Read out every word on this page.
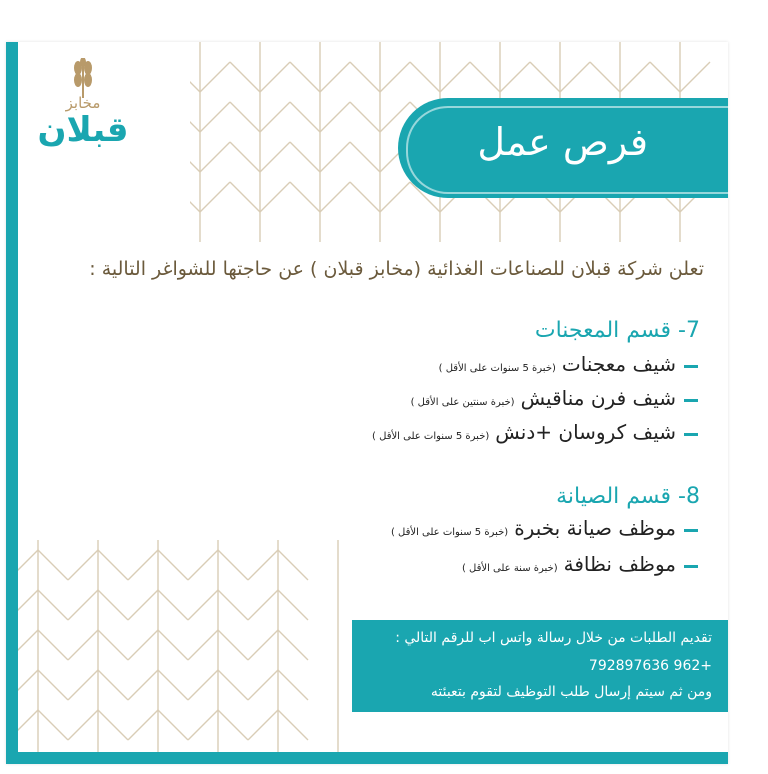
مخابز
قبلان	فرص عمل
تعلن شركة قبلان للصناعات الغذائية (مخابز قبلان ) عن حاجتها للشواغر التالية :
7- قسم المعجنات
شيف معجنات(خبرة 5 سنوات على الأقل )
شيف فرن مناقيش(خبرة سنتين على الأقل )
شيف كروسان +دنش(خبرة 5 سنوات على الأقل )
8- قسم الصيانة
موظف صيانة بخبرة(خبرة 5 سنوات على الأقل )
موظف نظافة(خبرة سنة على الأقل )
تقديم الطلبات من خلال رسالة واتس اب للرقم التالي :
+962 792897636
ومن ثم سيتم إرسال طلب التوظيف لتقوم بتعبئته
